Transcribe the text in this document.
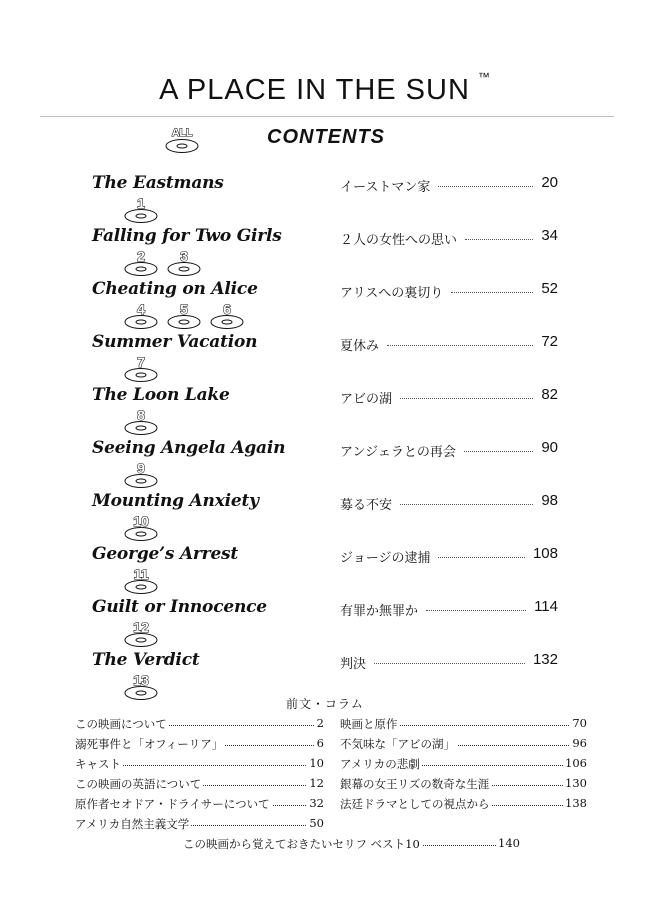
A PLACE IN THE SUN ™
ALL	CONTENTS
The Eastmans	イーストマン家	20
1
Falling for Two Girls	２人の女性への思い	34
2	3
Cheating on Alice	アリスへの裏切り	52
4	5	6
Summer Vacation	夏休み	72
7
The Loon Lake	アビの湖	82
8
Seeing Angela Again	アンジェラとの再会	90
9
Mounting Anxiety	募る不安	98
10
George’s Arrest	ジョージの逮捕	108
11
Guilt or Innocence	有罪か無罪か	114
12
The Verdict	判決	132
13
前文・コラム
この映画について	2
溺死事件と「オフィーリア」	6
キャスト	10
この映画の英語について	12
原作者セオドア・ドライサーについて	32
アメリカ自然主義文学	50
映画と原作	70
不気味な「アビの湖」	96
アメリカの悲劇	106
銀幕の女王リズの数奇な生涯	130
法廷ドラマとしての視点から	138
この映画から覚えておきたいセリフ ベスト10	140
